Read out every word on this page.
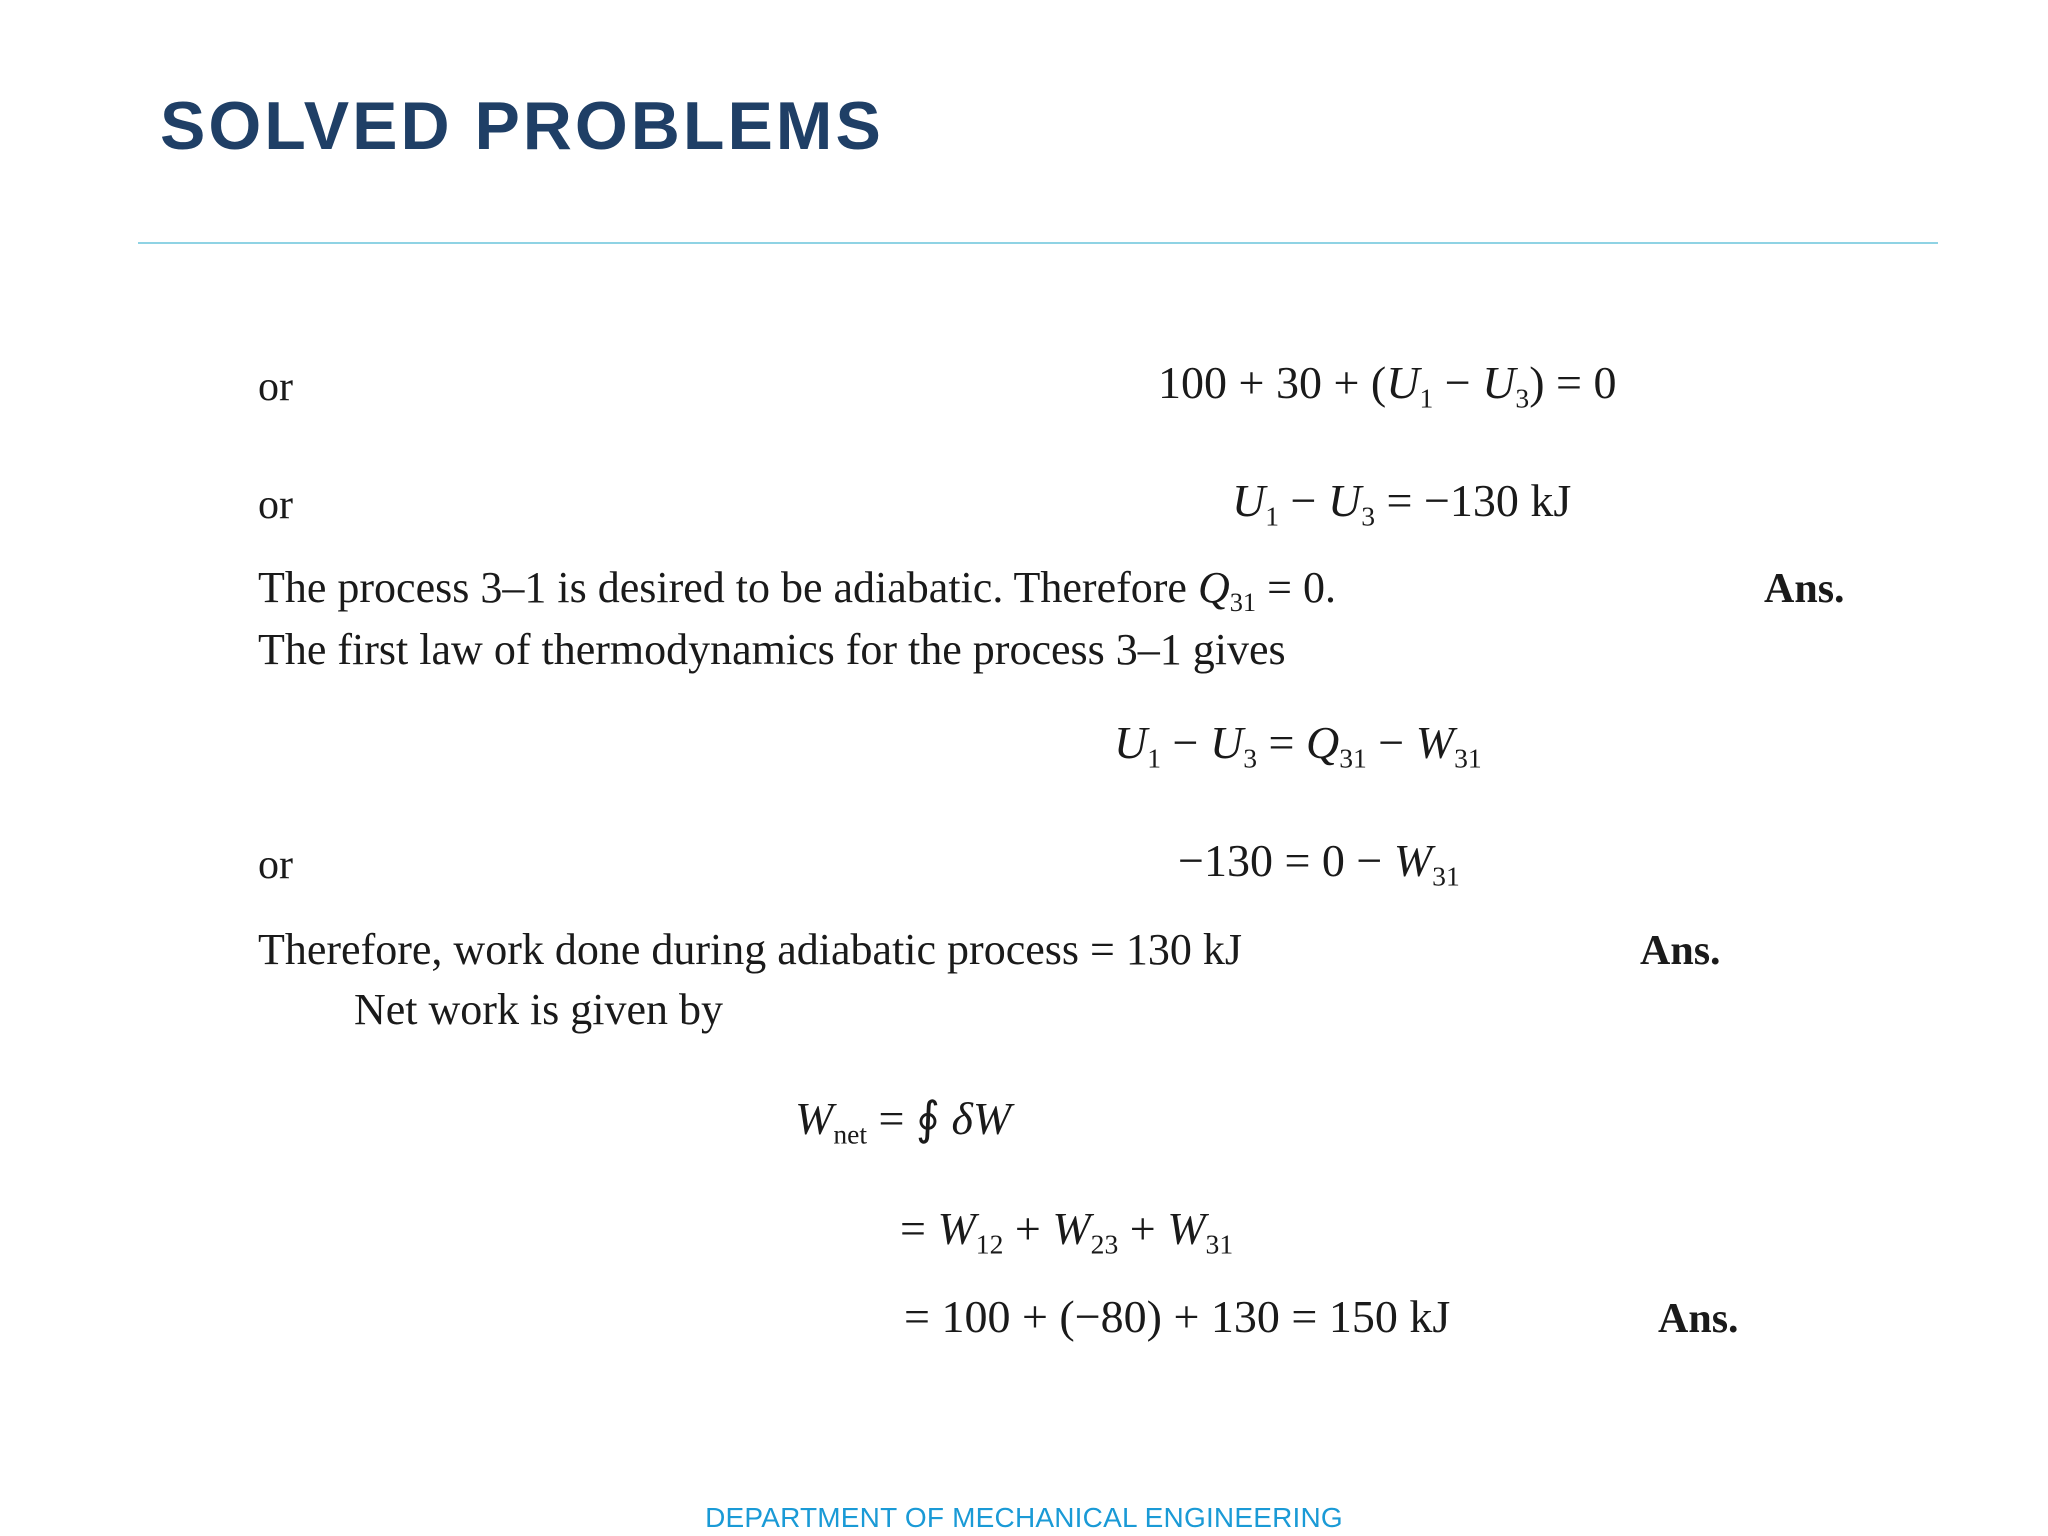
SOLVED PROBLEMS
or	$100 + 30 + (U_1 - U_3) = 0$
or	$U_1 - U_3 = -130$ kJ
The process 3–1 is desired to be adiabatic. Therefore $Q_{31} = 0$.	Ans.
The first law of thermodynamics for the process 3–1 gives
$U_1 - U_3 = Q_{31} - W_{31}$
or	$-130 = 0 - W_{31}$
Therefore, work done during adiabatic process = 130 kJ	Ans.
Net work is given by
$W_{net}$ = ∮ δW
= $W_{12} + W_{23} + W_{31}$
= 100 + (−80) + 130 = 150 kJ	Ans.
DEPARTMENT OF MECHANICAL ENGINEERING
